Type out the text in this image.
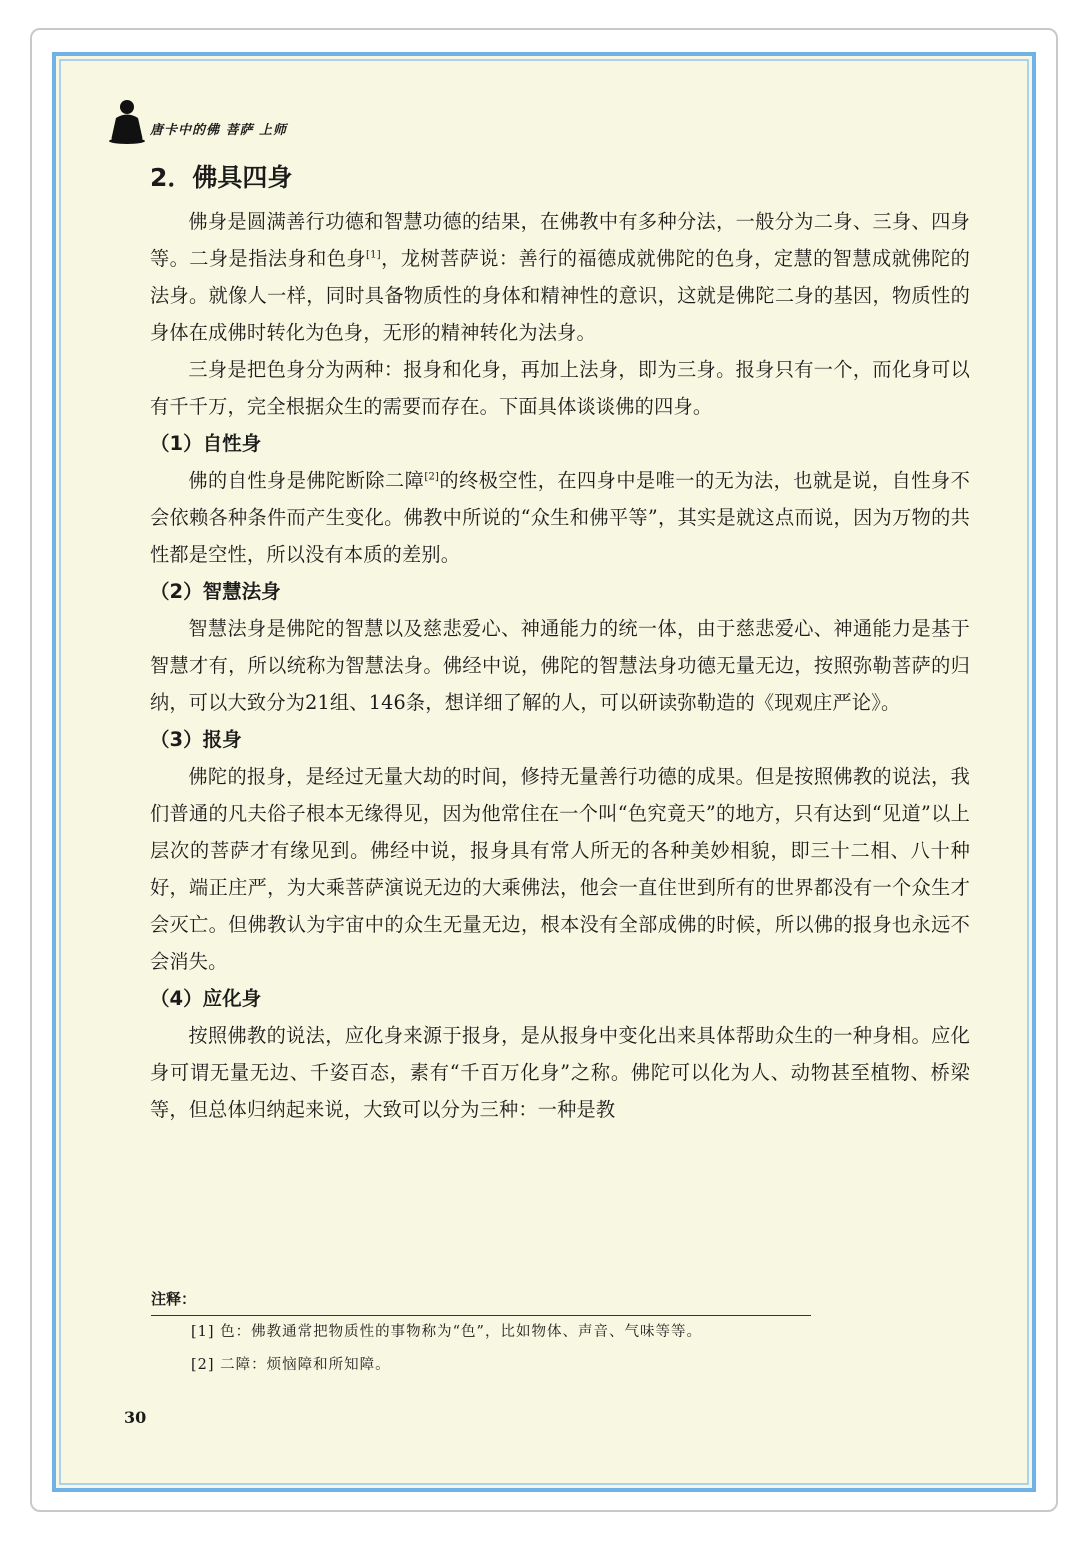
唐卡中的佛 菩萨 上师
2．佛具四身

佛身是圆满善行功德和智慧功德的结果，在佛教中有多种分法，一般分为二身、三身、四身等。二身是指法身和色身[1]，龙树菩萨说：善行的福德成就佛陀的色身，定慧的智慧成就佛陀的法身。就像人一样，同时具备物质性的身体和精神性的意识，这就是佛陀二身的基因，物质性的身体在成佛时转化为色身，无形的精神转化为法身。

三身是把色身分为两种：报身和化身，再加上法身，即为三身。报身只有一个，而化身可以有千千万，完全根据众生的需要而存在。下面具体谈谈佛的四身。

（1）自性身

佛的自性身是佛陀断除二障[2]的终极空性，在四身中是唯一的无为法，也就是说，自性身不会依赖各种条件而产生变化。佛教中所说的“众生和佛平等”，其实是就这点而说，因为万物的共性都是空性，所以没有本质的差别。

（2）智慧法身

智慧法身是佛陀的智慧以及慈悲爱心、神通能力的统一体，由于慈悲爱心、神通能力是基于智慧才有，所以统称为智慧法身。佛经中说，佛陀的智慧法身功德无量无边，按照弥勒菩萨的归纳，可以大致分为21组、146条，想详细了解的人，可以研读弥勒造的《现观庄严论》。

（3）报身

佛陀的报身，是经过无量大劫的时间，修持无量善行功德的成果。但是按照佛教的说法，我们普通的凡夫俗子根本无缘得见，因为他常住在一个叫“色究竟天”的地方，只有达到“见道”以上层次的菩萨才有缘见到。佛经中说，报身具有常人所无的各种美妙相貌，即三十二相、八十种好，端正庄严，为大乘菩萨演说无边的大乘佛法，他会一直住世到所有的世界都没有一个众生才会灭亡。但佛教认为宇宙中的众生无量无边，根本没有全部成佛的时候，所以佛的报身也永远不会消失。

（4）应化身

按照佛教的说法，应化身来源于报身，是从报身中变化出来具体帮助众生的一种身相。应化身可谓无量无边、千姿百态，素有“千百万化身”之称。佛陀可以化为人、动物甚至植物、桥梁等，但总体归纳起来说，大致可以分为三种：一种是教

注释：

[1] 色：佛教通常把物质性的事物称为“色”，比如物体、声音、气味等等。

[2] 二障：烦恼障和所知障。

30
